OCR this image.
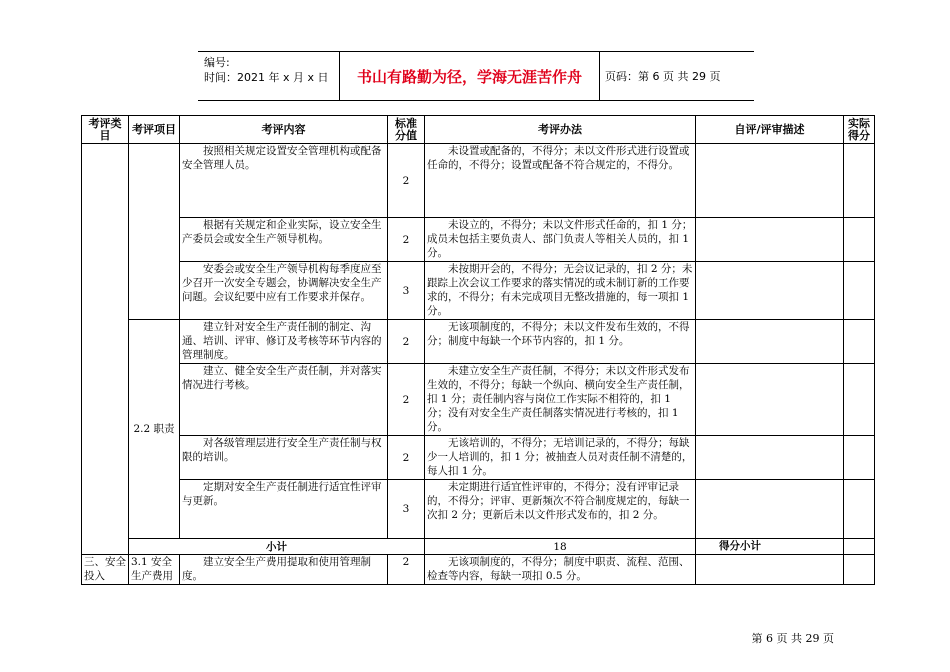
编号:
时间：2021 年 x 月 x 日	书山有路勤为径，学海无涯苦作舟	页码：第 6 页 共 29 页
考评类目	考评项目	考评内容	标准分值	考评办法	自评/评审描述	实际得分	
		按照相关规定设置安全管理机构或配备安全管理人员。	2	未设置或配备的，不得分；未以文件形式进行设置或任命的，不得分；设置或配备不符合规定的，不得分。			
		根据有关规定和企业实际，设立安全生产委员会或安全生产领导机构。	2	未设立的，不得分；未以文件形式任命的，扣 1 分；成员未包括主要负责人、部门负责人等相关人员的，扣 1 分。			
		安委会或安全生产领导机构每季度应至少召开一次安全专题会，协调解决安全生产问题。会议纪要中应有工作要求并保存。	3	未按期开会的，不得分；无会议记录的，扣 2 分；未跟踪上次会议工作要求的落实情况的或未制订新的工作要求的，不得分；有未完成项目无整改措施的，每一项扣 1 分。			
	2.2 职责	建立针对安全生产责任制的制定、沟通、培训、评审、修订及考核等环节内容的管理制度。	2	无该项制度的，不得分；未以文件发布生效的，不得分；制度中每缺一个环节内容的，扣 1 分。			
		建立、健全安全生产责任制，并对落实情况进行考核。	2	未建立安全生产责任制，不得分；未以文件形式发布生效的，不得分；每缺一个纵向、横向安全生产责任制，扣 1 分；责任制内容与岗位工作实际不相符的，扣 1 分；没有对安全生产责任制落实情况进行考核的，扣 1 分。			
		对各级管理层进行安全生产责任制与权限的培训。	2	无该培训的，不得分；无培训记录的，不得分；每缺少一人培训的，扣 1 分；被抽查人员对责任制不清楚的，每人扣 1 分。			
		定期对安全生产责任制进行适宜性评审与更新。	3	未定期进行适宜性评审的，不得分；没有评审记录的，不得分；评审、更新频次不符合制度规定的，每缺一次扣 2 分；更新后未以文件形式发布的，扣 2 分。			
	小计			18	得分小计		
三、安全投入	3.1 安全生产费用	建立安全生产费用提取和使用管理制度。	2	无该项制度的，不得分；制度中职责、流程、范围、检查等内容，每缺一项扣 0.5 分。			
第 6 页 共 29 页
